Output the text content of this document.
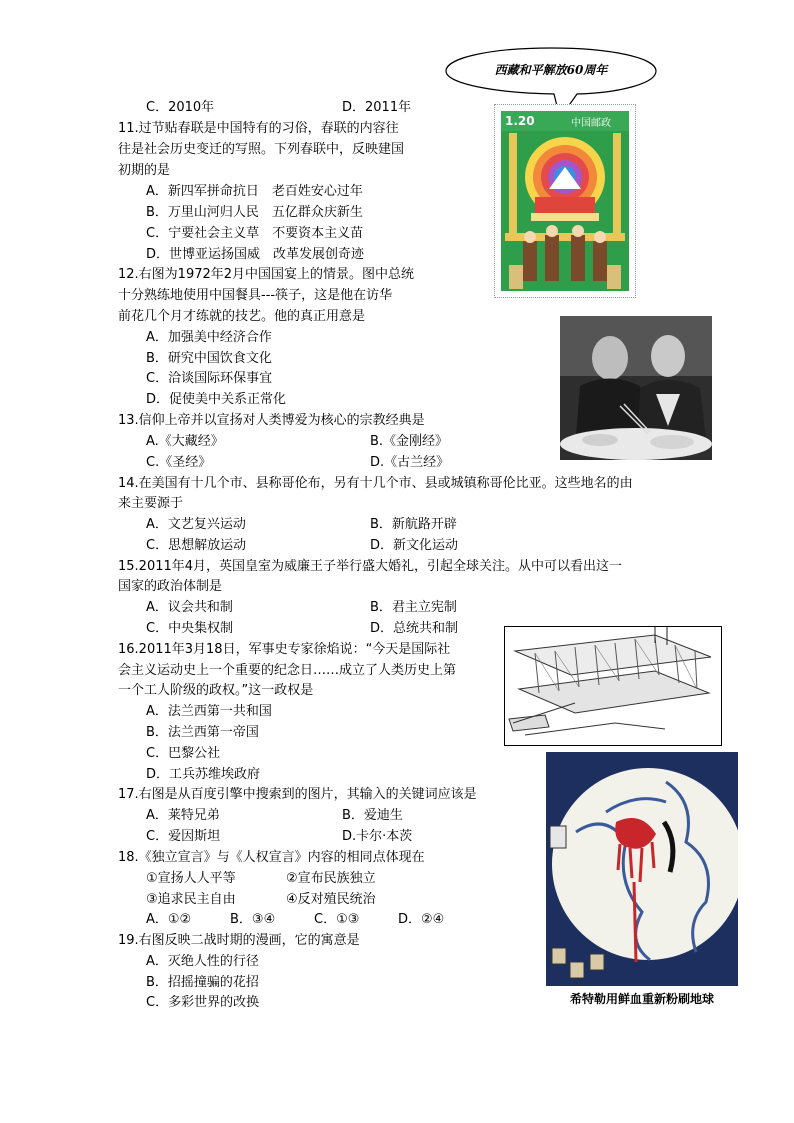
C．2010年	D．2011年
11.过节贴春联是中国特有的习俗，春联的内容往
往是社会历史变迁的写照。下列春联中，反映建国
初期的是
A．新四军拼命抗日　老百姓安心过年
B．万里山河归人民　五亿群众庆新生
C．宁要社会主义草　不要资本主义苗
D．世博亚运扬国威　改革发展创奇迹
12.右图为1972年2月中国国宴上的情景。图中总统
十分熟练地使用中国餐具---筷子，这是他在访华
前花几个月才练就的技艺。他的真正用意是
A．加强美中经济合作
B．研究中国饮食文化
C．洽谈国际环保事宜
D．促使美中关系正常化
13.信仰上帝并以宣扬对人类博爱为核心的宗教经典是
A.《大藏经》	B.《金刚经》
C.《圣经》	D.《古兰经》
14.在美国有十几个市、县称哥伦布，另有十几个市、县或城镇称哥伦比亚。这些地名的由
来主要源于
A．文艺复兴运动	B．新航路开辟
C．思想解放运动	D．新文化运动
15.2011年4月，英国皇室为威廉王子举行盛大婚礼，引起全球关注。从中可以看出这一
国家的政治体制是
A．议会共和制	B．君主立宪制
C．中央集权制	D．总统共和制
16.2011年3月18日，军事史专家徐焰说：“今天是国际社
会主义运动史上一个重要的纪念日……成立了人类历史上第
一个工人阶级的政权。”这一政权是
A．法兰西第一共和国
B．法兰西第一帝国
C．巴黎公社
D．工兵苏维埃政府
17.右图是从百度引擎中搜索到的图片，其输入的关键词应该是
A．莱特兄弟	B．爱迪生
C．爱因斯坦	D.卡尔·本茨
18.《独立宣言》与《人权宣言》内容的相同点体现在
①宣扬人人平等	②宣布民族独立
③追求民主自由	④反对殖民统治
A．①②	B．③④	C．①③	D．②④
19.右图反映二战时期的漫画，它的寓意是
A．灭绝人性的行径
B．招摇撞骗的花招
C．多彩世界的改换
西藏和平解放60周年
1.20	中国邮政
希特勒用鲜血重新粉刷地球
